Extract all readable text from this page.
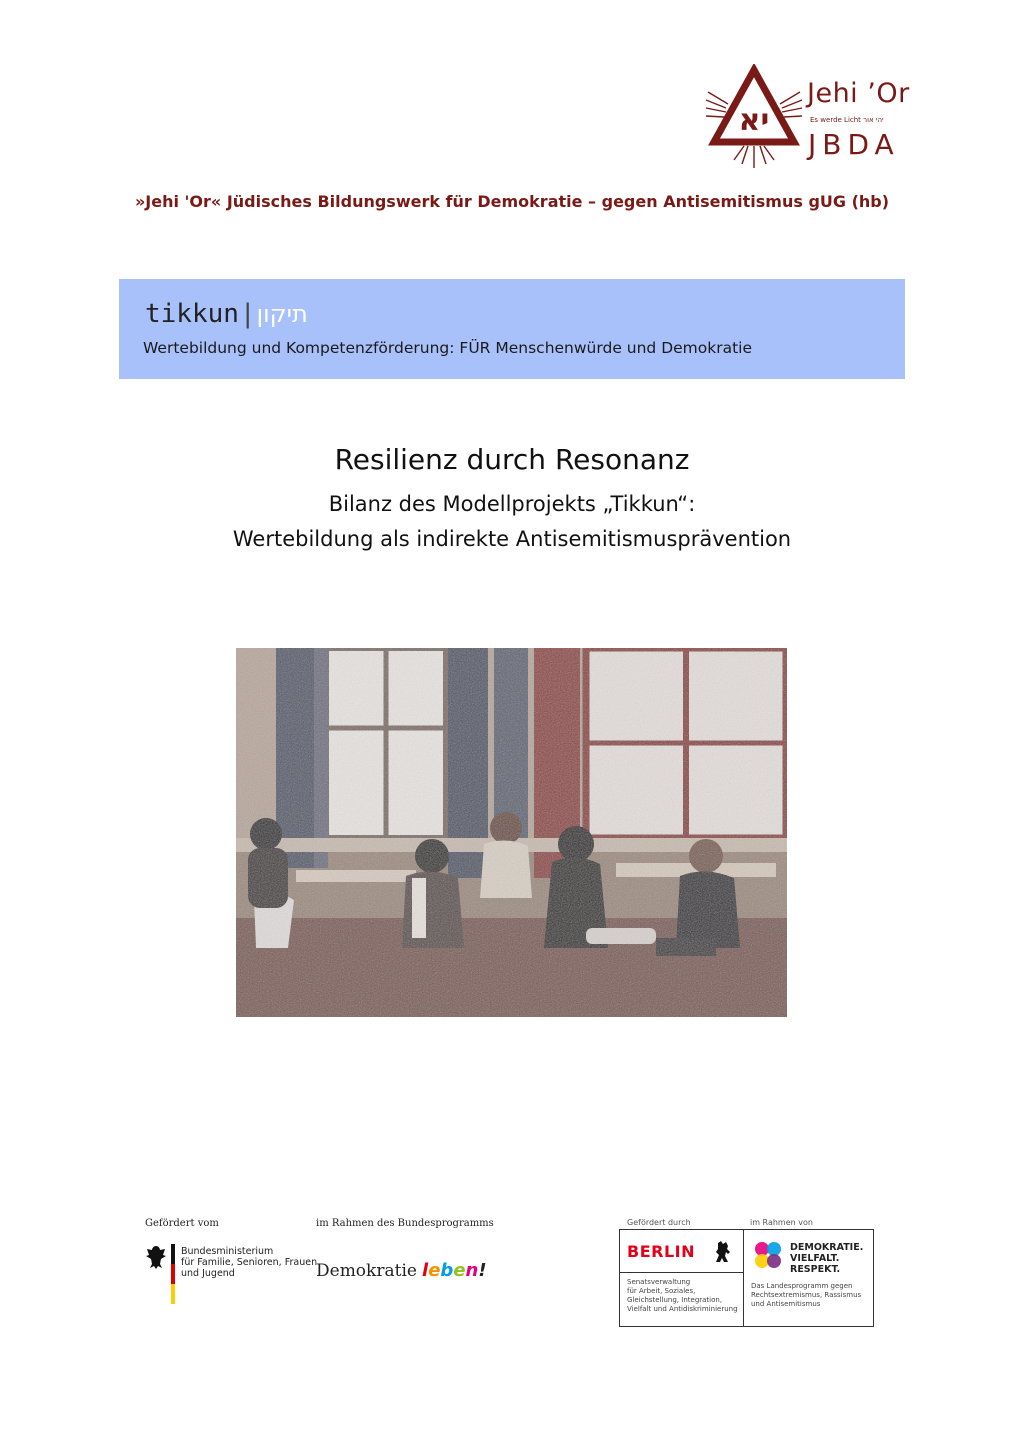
יא
Jehi ’Or
Es werde Licht יהי אור
JBDA
»Jehi 'Or« Jüdisches Bildungswerk für Demokratie – gegen Antisemitismus gUG (hb)
tikkun|תיקון
Wertebildung und Kompetenzförderung: FÜR Menschenwürde und Demokratie
Resilienz durch Resonanz
Bilanz des Modellprojekts „Tikkun“:
Wertebildung als indirekte Antisemitismusprävention
Gefördert vom
Bundesministerium
für Familie, Senioren, Frauen
und Jugend
im Rahmen des Bundesprogramms
Demokratie leben!
Gefördert durch	im Rahmen von
BERLIN
Senatsverwaltung
für Arbeit, Soziales,
Gleichstellung, Integration,
Vielfalt und Antidiskriminierung
DEMOKRATIE.
VIELFALT.
RESPEKT.
Das Landesprogramm gegen
Rechtsextremismus, Rassismus
und Antisemitismus
